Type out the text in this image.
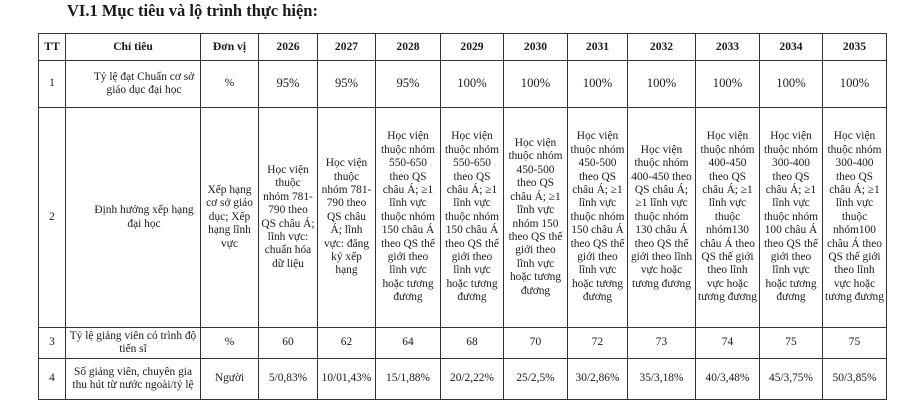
VI.1 Mục tiêu và lộ trình thực hiện:
TT	Chỉ tiêu	Đơn vị	2026	2027	2028	2029	2030	2031	2032	2033	2034	2035
1	Tỷ lệ đạt Chuẩn cơ sở giáo dục đại học	%	95%	95%	95%	100%	100%	100%	100%	100%	100%	100%
2	Định hướng xếp hạng đại học	Xếp hạng cơ sở giáo dục; Xếp hạng lĩnh vực	Học viện thuộc nhóm 781-790 theo QS châu Á; lĩnh vực: chuẩn hóa dữ liệu	Học viện thuộc nhóm 781-790 theo QS châu Á; lĩnh vực: đăng ký xếp hạng	Học viện thuộc nhóm 550-650 theo QS châu Á; ≥1 lĩnh vực thuộc nhóm 150 châu Á theo QS thế giới theo lĩnh vực hoặc tương đương	Học viện thuộc nhóm 550-650 theo QS châu Á; ≥1 lĩnh vực thuộc nhóm 150 châu Á theo QS thế giới theo lĩnh vực hoặc tương đương	Học viện thuộc nhóm 450-500 theo QS châu Á; ≥1 lĩnh vực nhóm 150 theo QS thế giới theo lĩnh vực hoặc tương đương	Học viện thuộc nhóm 450-500 theo QS châu Á; ≥1 lĩnh vực thuộc nhóm 150 châu Á theo QS thế giới theo lĩnh vực hoặc tương đương	Học viện thuộc nhóm 400-450 theo QS châu Á; ≥1 lĩnh vực thuộc nhóm 130 châu Á theo QS thế giới theo lĩnh vực hoặc tương đương	Học viện thuộc nhóm 400-450 theo QS châu Á; ≥1 lĩnh vực thuộc nhóm130 châu Á theo QS thế giới theo lĩnh vực hoặc tương đương	Học viện thuộc nhóm 300-400 theo QS châu Á; ≥1 lĩnh vực thuộc nhóm 100 châu Á theo QS thế giới theo lĩnh vực hoặc tương đương	Học viện thuộc nhóm 300-400 theo QS châu Á; ≥1 lĩnh vực thuộc nhóm100 châu Á theo QS thế giới theo lĩnh vực hoặc tương đương
3	Tỷ lệ giảng viên có trình độ tiến sĩ	%	60	62	64	68	70	72	73	74	75	75
4	Số giảng viên, chuyên gia thu hút từ nước ngoài/tỷ lệ	Người	5/0,83%	10/01,43%	15/1,88%	20/2,22%	25/2,5%	30/2,86%	35/3,18%	40/3,48%	45/3,75%	50/3,85%
